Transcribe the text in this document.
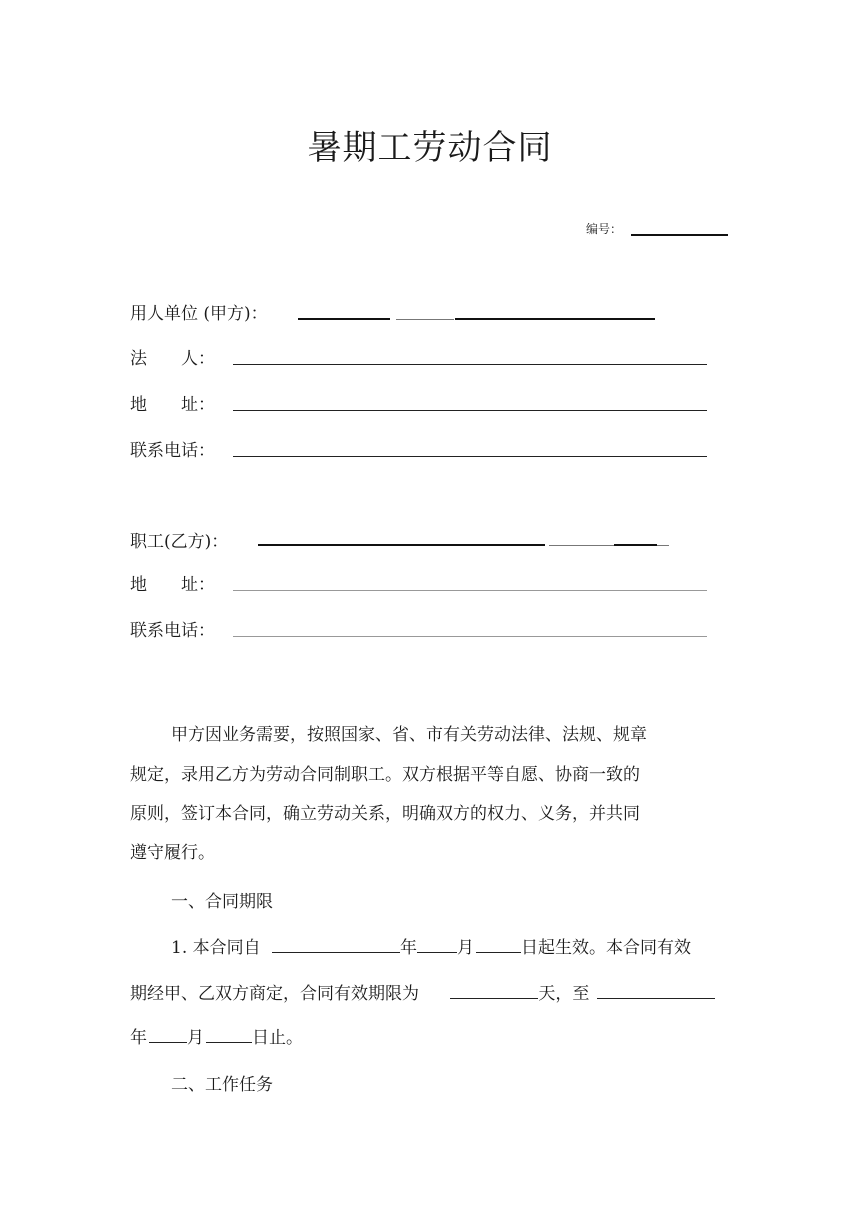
暑期工劳动合同
编号：
用人单位 (甲方)：
法　　人：
地　　址：
联系电话：
职工(乙方)：
地　　址：
联系电话：
甲方因业务需要，按照国家、省、市有关劳动法律、法规、规章
规定，录用乙方为劳动合同制职工。双方根据平等自愿、协商一致的
原则，签订本合同，确立劳动关系，明确双方的权力、义务，并共同
遵守履行。
一、合同期限
1. 本合同自	年 月	日起生效。本合同有效
期经甲、乙双方商定，合同有效期限为	天，至
年 月	日止。
二、工作任务
